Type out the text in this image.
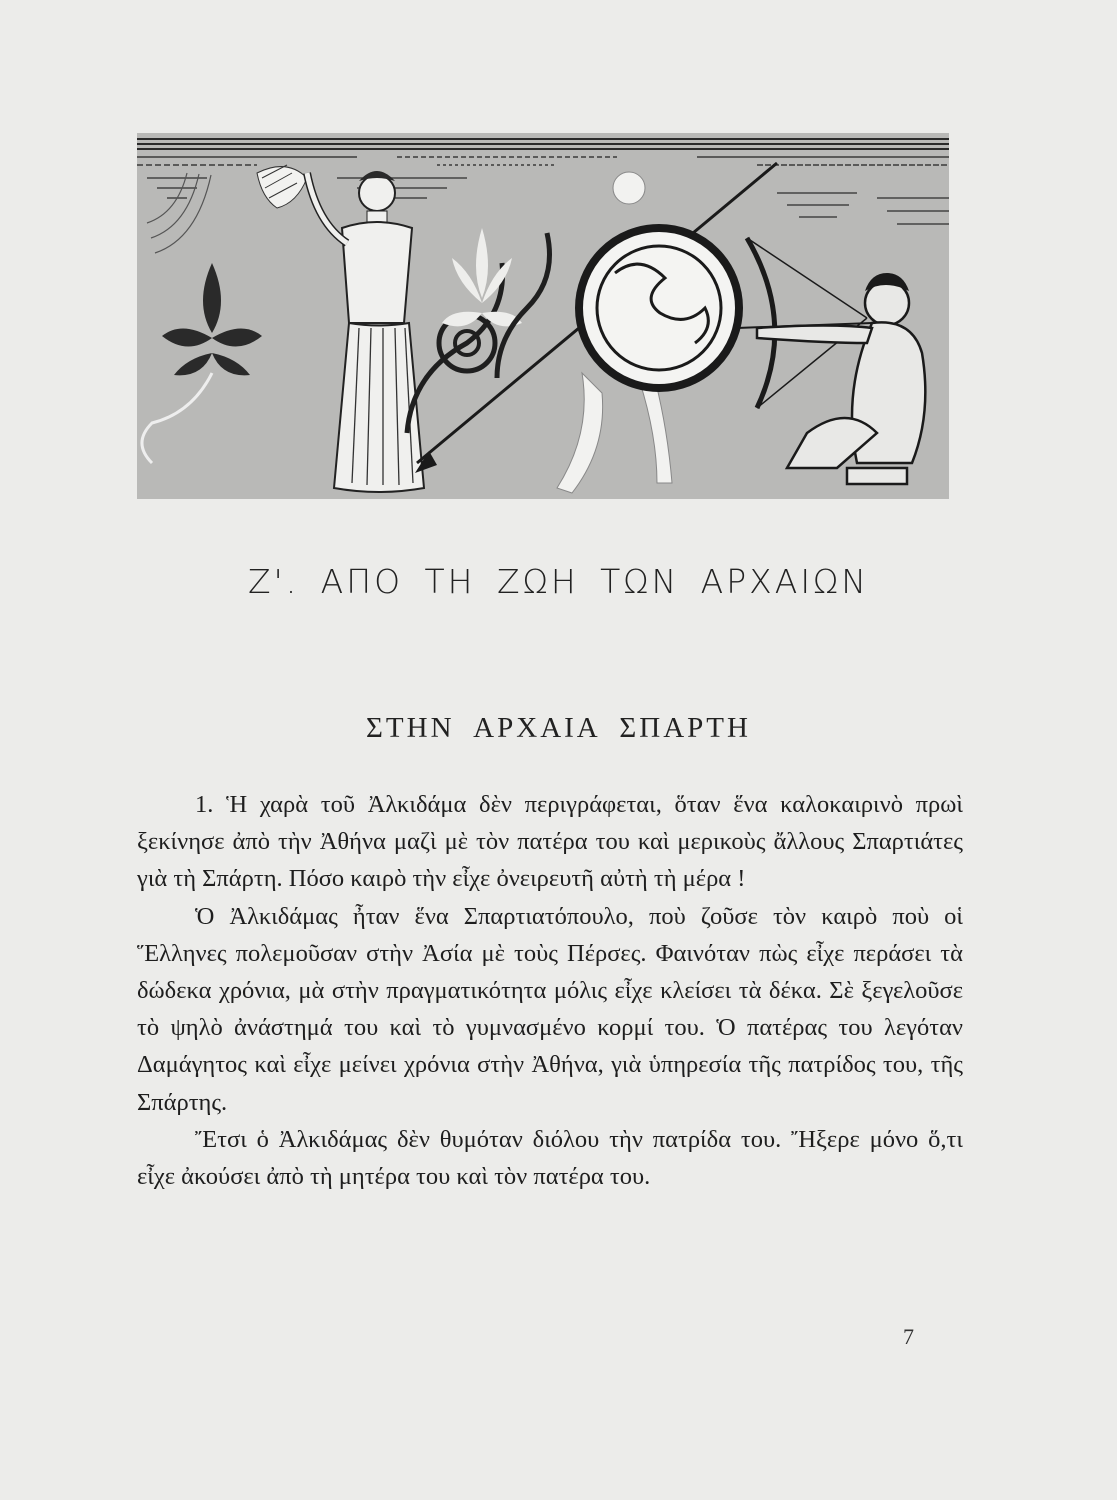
Ζ'. ΑΠΟ ΤΗ ΖΩΗ ΤΩΝ ΑΡΧΑΙΩΝ
ΣΤΗΝ ΑΡΧΑΙΑ ΣΠΑΡΤΗ

1. Ἡ χαρὰ τοῦ Ἀλκιδάμα δὲν περιγράφεται, ὅταν ἕνα καλοκαιρινὸ πρωὶ ξεκίνησε ἀπὸ τὴν Ἀθήνα μαζὶ μὲ τὸν πατέρα του καὶ μερικοὺς ἄλλους Σπαρτιάτες γιὰ τὴ Σπάρτη. Πόσο καιρὸ τὴν εἶχε ὀνειρευτῆ αὐτὴ τὴ μέρα !

Ὁ Ἀλκιδάμας ἦταν ἕνα Σπαρτιατόπουλο, ποὺ ζοῦσε τὸν καιρὸ ποὺ οἱ Ἕλληνες πολεμοῦσαν στὴν Ἀσία μὲ τοὺς Πέρσες. Φαινόταν πὼς εἶχε περάσει τὰ δώδεκα χρόνια, μὰ στὴν πραγματικότητα μόλις εἶχε κλείσει τὰ δέκα. Σὲ ξεγελοῦσε τὸ ψηλὸ ἀνάστημά του καὶ τὸ γυμνασμένο κορμί του. Ὁ πατέρας του λεγόταν Δαμάγητος καὶ εἶχε μείνει χρόνια στὴν Ἀθήνα, γιὰ ὑπηρεσία τῆς πατρίδος του, τῆς Σπάρτης.

Ἔτσι ὁ Ἀλκιδάμας δὲν θυμόταν διόλου τὴν πατρίδα του. Ἤξερε μόνο ὅ,τι εἶχε ἀκούσει ἀπὸ τὴ μητέρα του καὶ τὸν πατέρα του.

7
